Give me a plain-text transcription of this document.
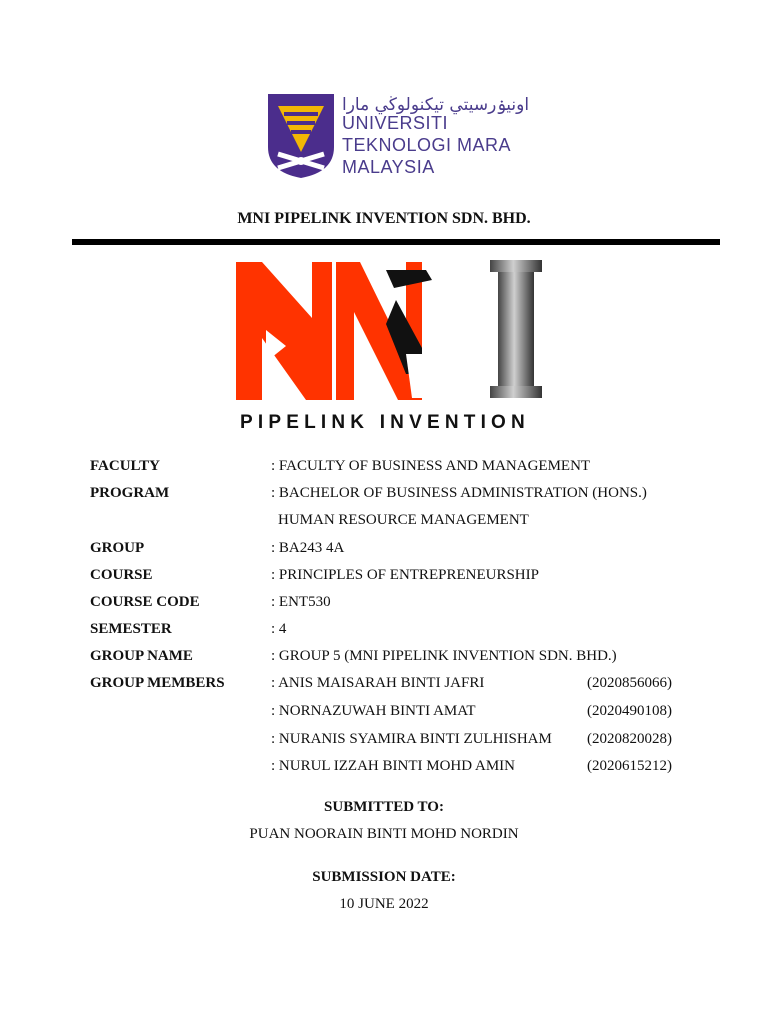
اونيۏرسيتي تيكنولوڬي مارا
UNIVERSITI
TEKNOLOGI MARA
MALAYSIA
MNI PIPELINK INVENTION SDN. BHD.
PIPELINK INVENTION
FACULTY	: FACULTY OF BUSINESS AND MANAGEMENT
PROGRAM	: BACHELOR OF BUSINESS ADMINISTRATION (HONS.)
HUMAN RESOURCE MANAGEMENT
GROUP	: BA243 4A
COURSE	: PRINCIPLES OF ENTREPRENEURSHIP
COURSE CODE	: ENT530
SEMESTER	: 4
GROUP NAME	: GROUP 5 (MNI PIPELINK INVENTION SDN. BHD.)
GROUP MEMBERS	: ANIS MAISARAH BINTI JAFRI	(2020856066)
: NORNAZUWAH BINTI AMAT	(2020490108)
: NURANIS SYAMIRA BINTI ZULHISHAM (2020820028)
: NURUL IZZAH BINTI MOHD AMIN	(2020615212)
SUBMITTED TO:
PUAN NOORAIN BINTI MOHD NORDIN
SUBMISSION DATE:
10 JUNE 2022
